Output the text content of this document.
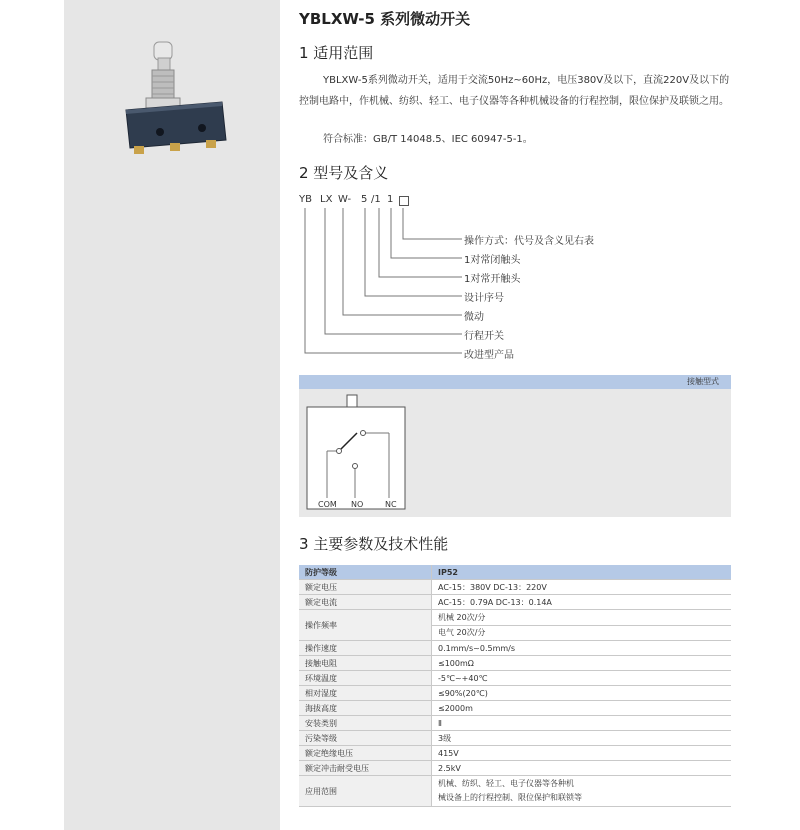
YBLXW-5 系列微动开关
1 适用范围

YBLXW-5系列微动开关，适用于交流50Hz~60Hz，电压380V及以下，直流220V及以下的控制电路中，作机械、纺织、轻工、电子仪器等各种机械设备的行程控制，限位保护及联锁之用。

符合标准：GB/T 14048.5、IEC 60947-5-1。
2 型号及含义
YB LX W- 5 /1 1
操作方式：代号及含义见右表
1对常闭触头
1对常开触头
设计序号
微动
行程开关
改进型产品
接触型式
COM NO	NC
3 主要参数及技术性能
防护等级	IP52
额定电压	AC-15：380V DC-13：220V
额定电流	AC-15：0.79A DC-13：0.14A
操作频率	机械 20次/分
电气 20次/分

操作速度	0.1mm/s~0.5mm/s
接触电阻	≤100mΩ
环境温度	-5℃~+40℃
相对湿度	≤90%(20℃)
海拔高度	≤2000m
安装类别	Ⅱ
污染等级	3级
额定绝缘电压	415V
额定冲击耐受电压	2.5kV
应用范围	机械、纺织、轻工、电子仪器等各种机
械设备上的行程控制、限位保护和联锁等
